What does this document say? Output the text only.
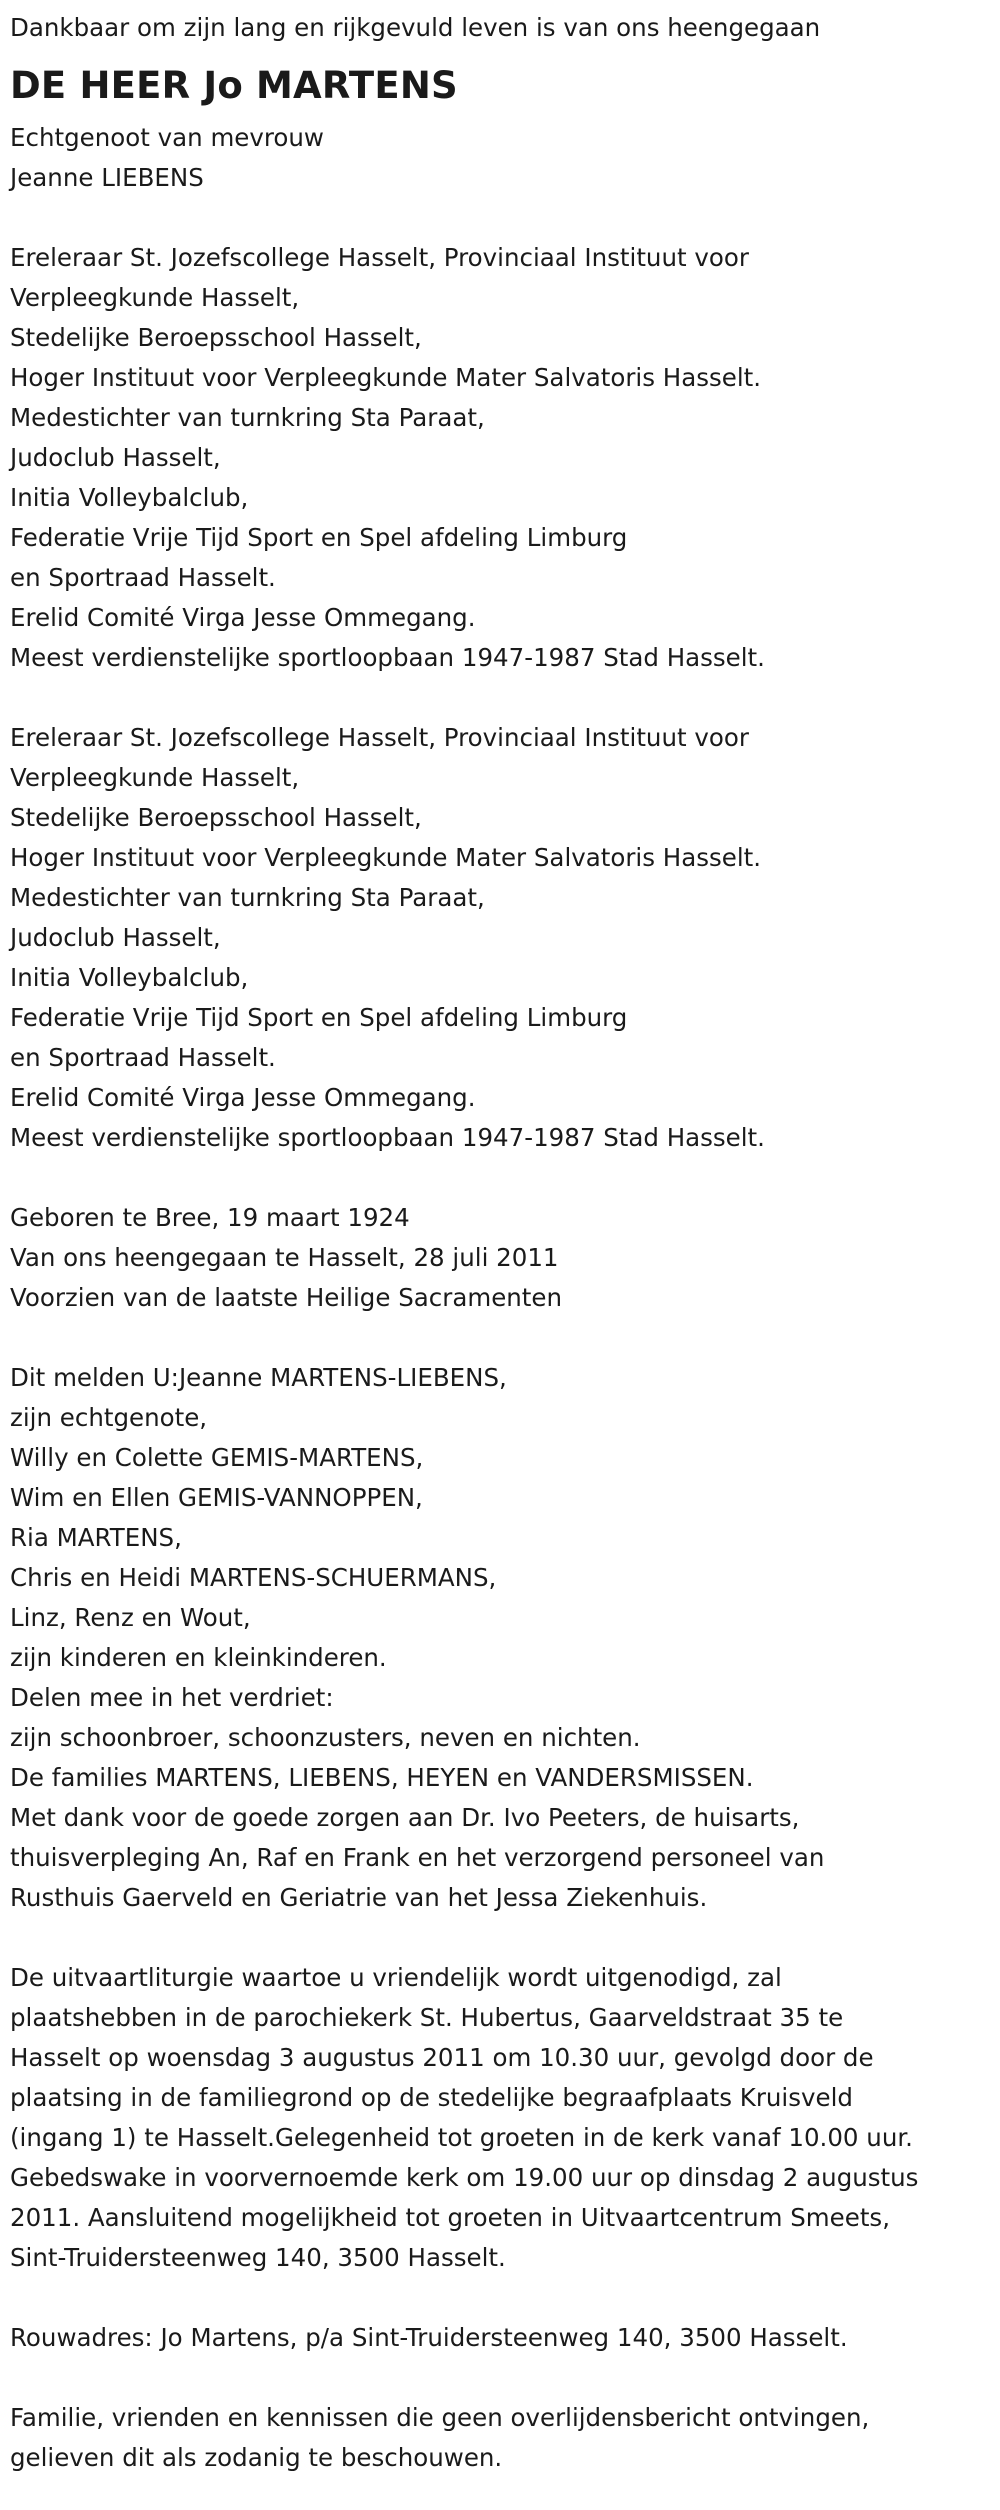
Dankbaar om zijn lang en rijkgevuld leven is van ons heengegaan
DE HEER Jo MARTENS
Echtgenoot van mevrouw
Jeanne LIEBENS
Ereleraar St. Jozefscollege Hasselt, Provinciaal Instituut voor
Verpleegkunde Hasselt,
Stedelijke Beroepsschool Hasselt,
Hoger Instituut voor Verpleegkunde Mater Salvatoris Hasselt.
Medestichter van turnkring Sta Paraat,
Judoclub Hasselt,
Initia Volleybalclub,
Federatie Vrije Tijd Sport en Spel afdeling Limburg
en Sportraad Hasselt.
Erelid Comité Virga Jesse Ommegang.
Meest verdienstelijke sportloopbaan 1947-1987 Stad Hasselt.
Ereleraar St. Jozefscollege Hasselt, Provinciaal Instituut voor
Verpleegkunde Hasselt,
Stedelijke Beroepsschool Hasselt,
Hoger Instituut voor Verpleegkunde Mater Salvatoris Hasselt.
Medestichter van turnkring Sta Paraat,
Judoclub Hasselt,
Initia Volleybalclub,
Federatie Vrije Tijd Sport en Spel afdeling Limburg
en Sportraad Hasselt.
Erelid Comité Virga Jesse Ommegang.
Meest verdienstelijke sportloopbaan 1947-1987 Stad Hasselt.
Geboren te Bree, 19 maart 1924
Van ons heengegaan te Hasselt, 28 juli 2011
Voorzien van de laatste Heilige Sacramenten
Dit melden U:Jeanne MARTENS-LIEBENS,
zijn echtgenote,
Willy en Colette GEMIS-MARTENS,
Wim en Ellen GEMIS-VANNOPPEN,
Ria MARTENS,
Chris en Heidi MARTENS-SCHUERMANS,
Linz, Renz en Wout,
zijn kinderen en kleinkinderen.
Delen mee in het verdriet:
zijn schoonbroer, schoonzusters, neven en nichten.
De families MARTENS, LIEBENS, HEYEN en VANDERSMISSEN.
Met dank voor de goede zorgen aan Dr. Ivo Peeters, de huisarts,
thuisverpleging An, Raf en Frank en het verzorgend personeel van
Rusthuis Gaerveld en Geriatrie van het Jessa Ziekenhuis.
De uitvaartliturgie waartoe u vriendelijk wordt uitgenodigd, zal
plaatshebben in de parochiekerk St. Hubertus, Gaarveldstraat 35 te
Hasselt op woensdag 3 augustus 2011 om 10.30 uur, gevolgd door de
plaatsing in de familiegrond op de stedelijke begraafplaats Kruisveld
(ingang 1) te Hasselt.Gelegenheid tot groeten in de kerk vanaf 10.00 uur.
Gebedswake in voorvernoemde kerk om 19.00 uur op dinsdag 2 augustus
2011. Aansluitend mogelijkheid tot groeten in Uitvaartcentrum Smeets,
Sint-Truidersteenweg 140, 3500 Hasselt.
Rouwadres: Jo Martens, p/a Sint-Truidersteenweg 140, 3500 Hasselt.
Familie, vrienden en kennissen die geen overlijdensbericht ontvingen,
gelieven dit als zodanig te beschouwen.
